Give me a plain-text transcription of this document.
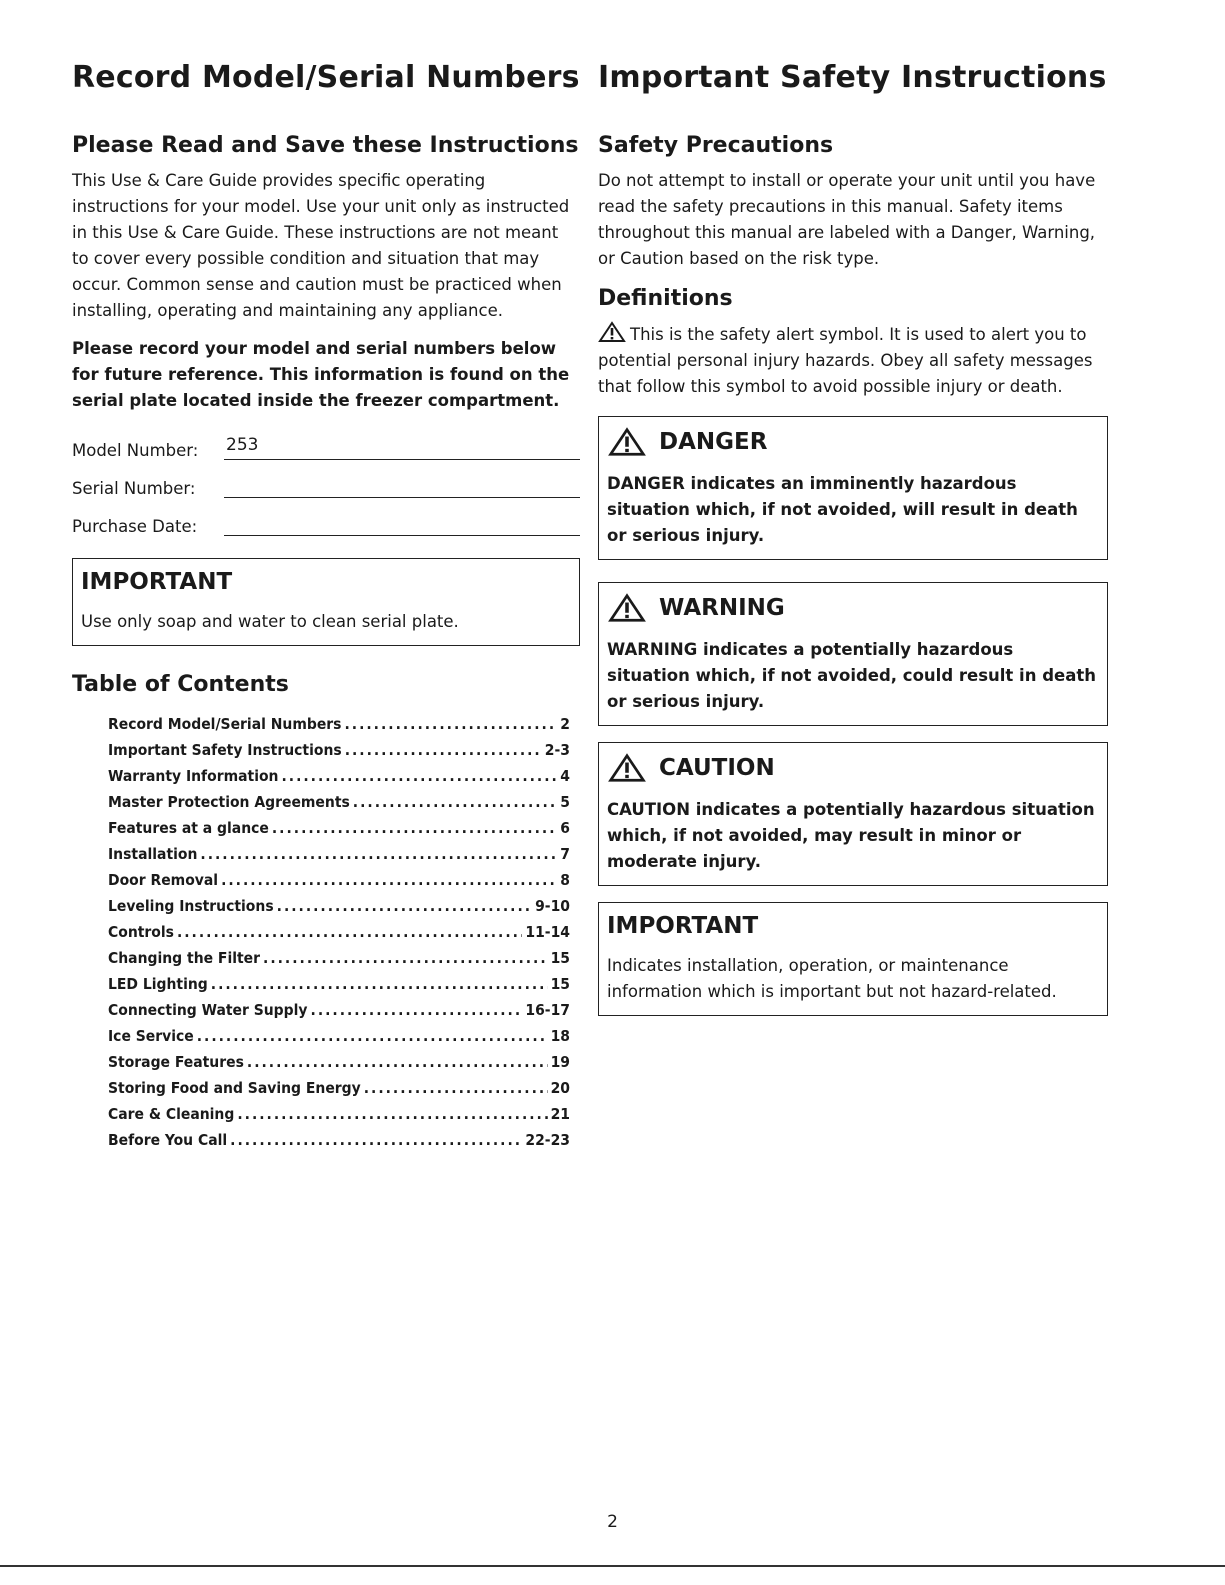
Record Model/Serial Numbers
Please Read and Save these Instructions

This Use & Care Guide provides specific operating instructions for your model. Use your unit only as instructed in this Use & Care Guide. These instructions are not meant to cover every possible condition and situation that may occur. Common sense and caution must be practiced when installing, operating and maintaining any appliance.

Please record your model and serial numbers below for future reference. This information is found on the serial plate located inside the freezer compartment.

Model Number:	253
Serial Number:
Purchase Date:
IMPORTANT

Use only soap and water to clean serial plate.

Table of Contents
Record Model/Serial Numbers .....	2
Important Safety Instructions .....	2-3
Warranty Information .....	4
Master Protection Agreements .....	5
Features at a glance .....	6
Installation .....	7
Door Removal .....	8
Leveling Instructions .....	9-10
Controls .....	11-14
Changing the Filter .....	15
LED Lighting .....	15
Connecting Water Supply .....	16-17
Ice Service .....	18
Storage Features .....	19
Storing Food and Saving Energy .....	20
Care & Cleaning .....	21
Before You Call .....	22-23
Important Safety Instructions
Safety Precautions

Do not attempt to install or operate your unit until you have read the safety precautions in this manual. Safety items throughout this manual are labeled with a Danger, Warning, or Caution based on the risk type.

Definitions

This is the safety alert symbol. It is used to alert you to potential personal injury hazards. Obey all safety messages that follow this symbol to avoid possible injury or death.

DANGER

DANGER indicates an imminently hazardous situation which, if not avoided, will result in death or serious injury.

WARNING

WARNING indicates a potentially hazardous situation which, if not avoided, could result in death or serious injury.

CAUTION

CAUTION indicates a potentially hazardous situation which, if not avoided, may result in minor or moderate injury.

IMPORTANT

Indicates installation, operation, or maintenance information which is important but not hazard-related.

2
